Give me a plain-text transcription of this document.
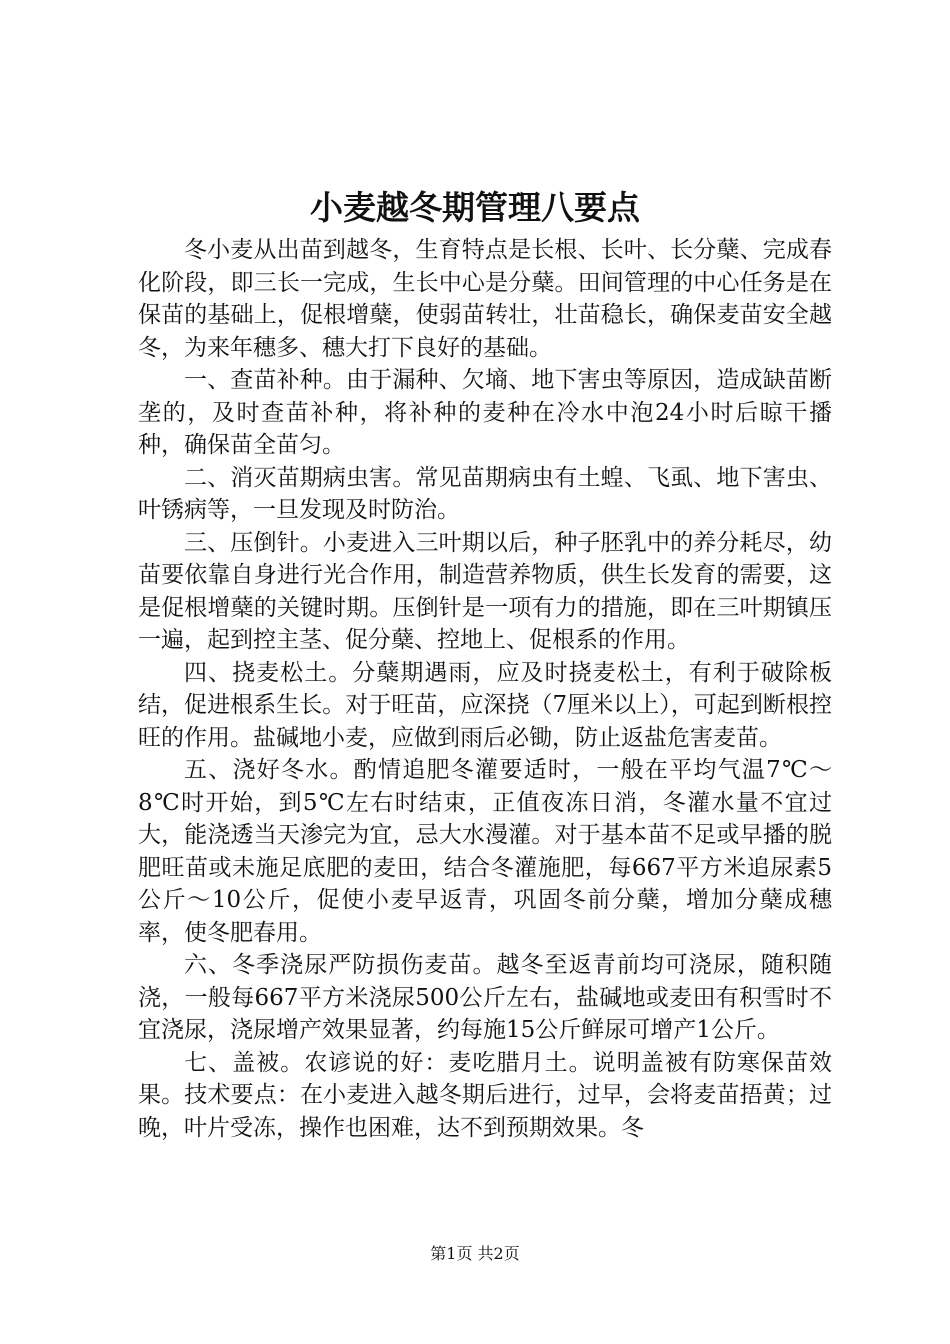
小麦越冬期管理八要点

冬小麦从出苗到越冬，生育特点是长根、长叶、长分蘖、完成春化阶段，即三长一完成，生长中心是分蘖。田间管理的中心任务是在保苗的基础上，促根增蘖，使弱苗转壮，壮苗稳长，确保麦苗安全越冬，为来年穗多、穗大打下良好的基础。

一、查苗补种。由于漏种、欠墒、地下害虫等原因，造成缺苗断垄的，及时查苗补种，将补种的麦种在冷水中泡24小时后晾干播种，确保苗全苗匀。

二、消灭苗期病虫害。常见苗期病虫有土蝗、飞虱、地下害虫、叶锈病等，一旦发现及时防治。

三、压倒针。小麦进入三叶期以后，种子胚乳中的养分耗尽，幼苗要依靠自身进行光合作用，制造营养物质，供生长发育的需要，这是促根增蘖的关键时期。压倒针是一项有力的措施，即在三叶期镇压一遍，起到控主茎、促分蘖、控地上、促根系的作用。

四、挠麦松土。分蘖期遇雨，应及时挠麦松土，有利于破除板结，促进根系生长。对于旺苗，应深挠（7厘米以上），可起到断根控旺的作用。盐碱地小麦，应做到雨后必锄，防止返盐危害麦苗。

五、浇好冬水。酌情追肥冬灌要适时，一般在平均气温7℃～8℃时开始，到5℃左右时结束，正值夜冻日消，冬灌水量不宜过大，能浇透当天渗完为宜，忌大水漫灌。对于基本苗不足或早播的脱肥旺苗或未施足底肥的麦田，结合冬灌施肥，每667平方米追尿素5公斤～10公斤，促使小麦早返青，巩固冬前分蘖，增加分蘖成穗率，使冬肥春用。

六、冬季浇尿严防损伤麦苗。越冬至返青前均可浇尿，随积随浇，一般每667平方米浇尿500公斤左右，盐碱地或麦田有积雪时不宜浇尿，浇尿增产效果显著，约每施15公斤鲜尿可增产1公斤。

七、盖被。农谚说的好：麦吃腊月土。说明盖被有防寒保苗效果。技术要点：在小麦进入越冬期后进行，过早，会将麦苗捂黄；过晚，叶片受冻，操作也困难，达不到预期效果。冬

第1页 共2页
